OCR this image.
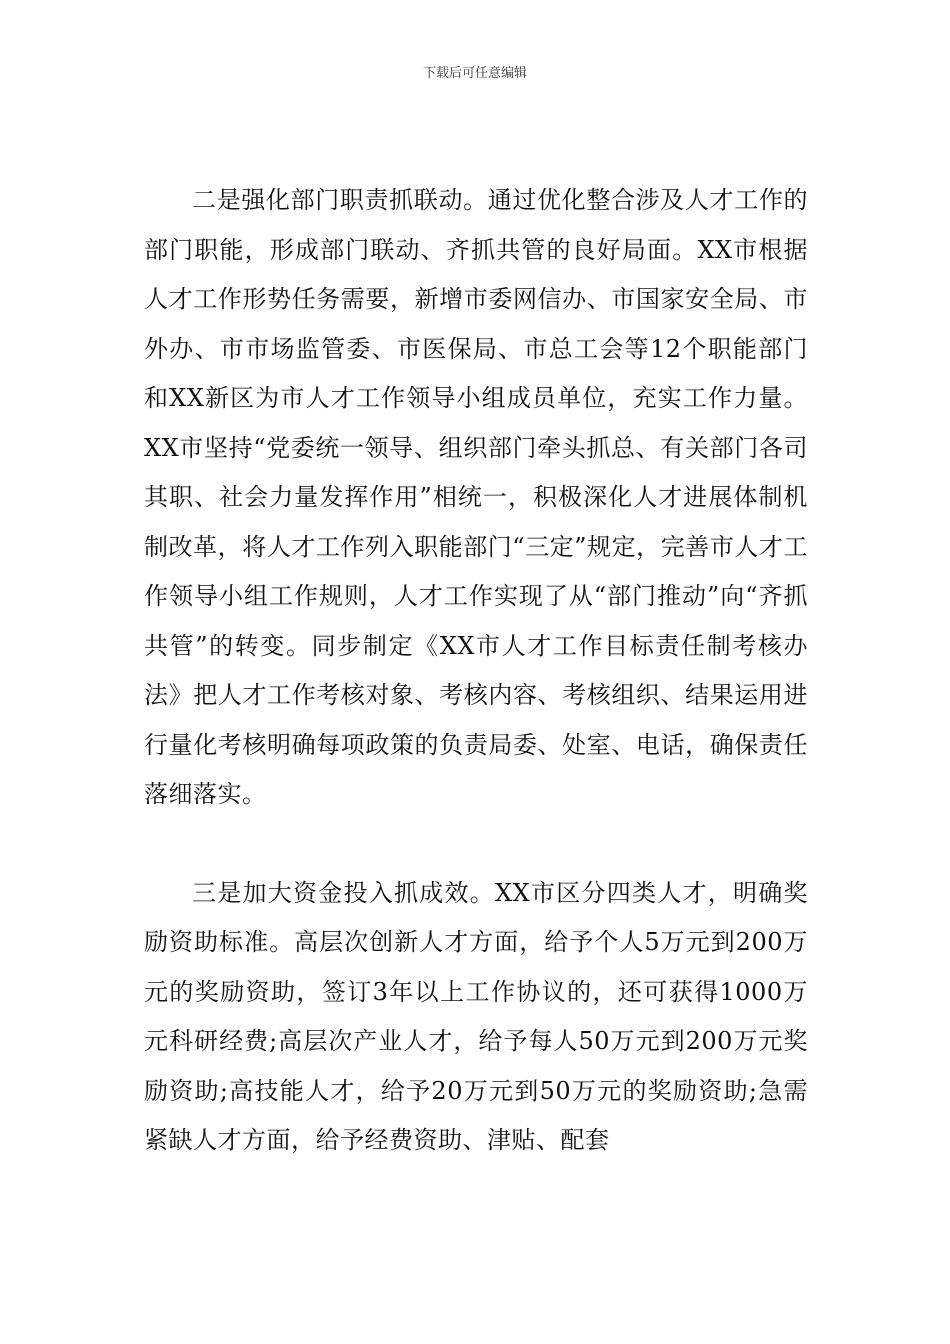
下载后可任意编辑

二是强化部门职责抓联动。通过优化整合涉及人才工作的部门职能，形成部门联动、齐抓共管的良好局面。XX市根据人才工作形势任务需要，新增市委网信办、市国家安全局、市外办、市市场监管委、市医保局、市总工会等12个职能部门和XX新区为市人才工作领导小组成员单位，充实工作力量。XX市坚持“党委统一领导、组织部门牵头抓总、有关部门各司其职、社会力量发挥作用”相统一，积极深化人才进展体制机制改革，将人才工作列入职能部门“三定”规定，完善市人才工作领导小组工作规则，人才工作实现了从“部门推动”向“齐抓共管”的转变。同步制定《XX市人才工作目标责任制考核办法》把人才工作考核对象、考核内容、考核组织、结果运用进行量化考核明确每项政策的负责局委、处室、电话，确保责任落细落实。

三是加大资金投入抓成效。XX市区分四类人才，明确奖励资助标准。高层次创新人才方面，给予个人5万元到200万元的奖励资助，签订3年以上工作协议的，还可获得1000万元科研经费;高层次产业人才，给予每人50万元到200万元奖励资助;高技能人才，给予20万元到50万元的奖励资助;急需紧缺人才方面，给予经费资助、津贴、配套
